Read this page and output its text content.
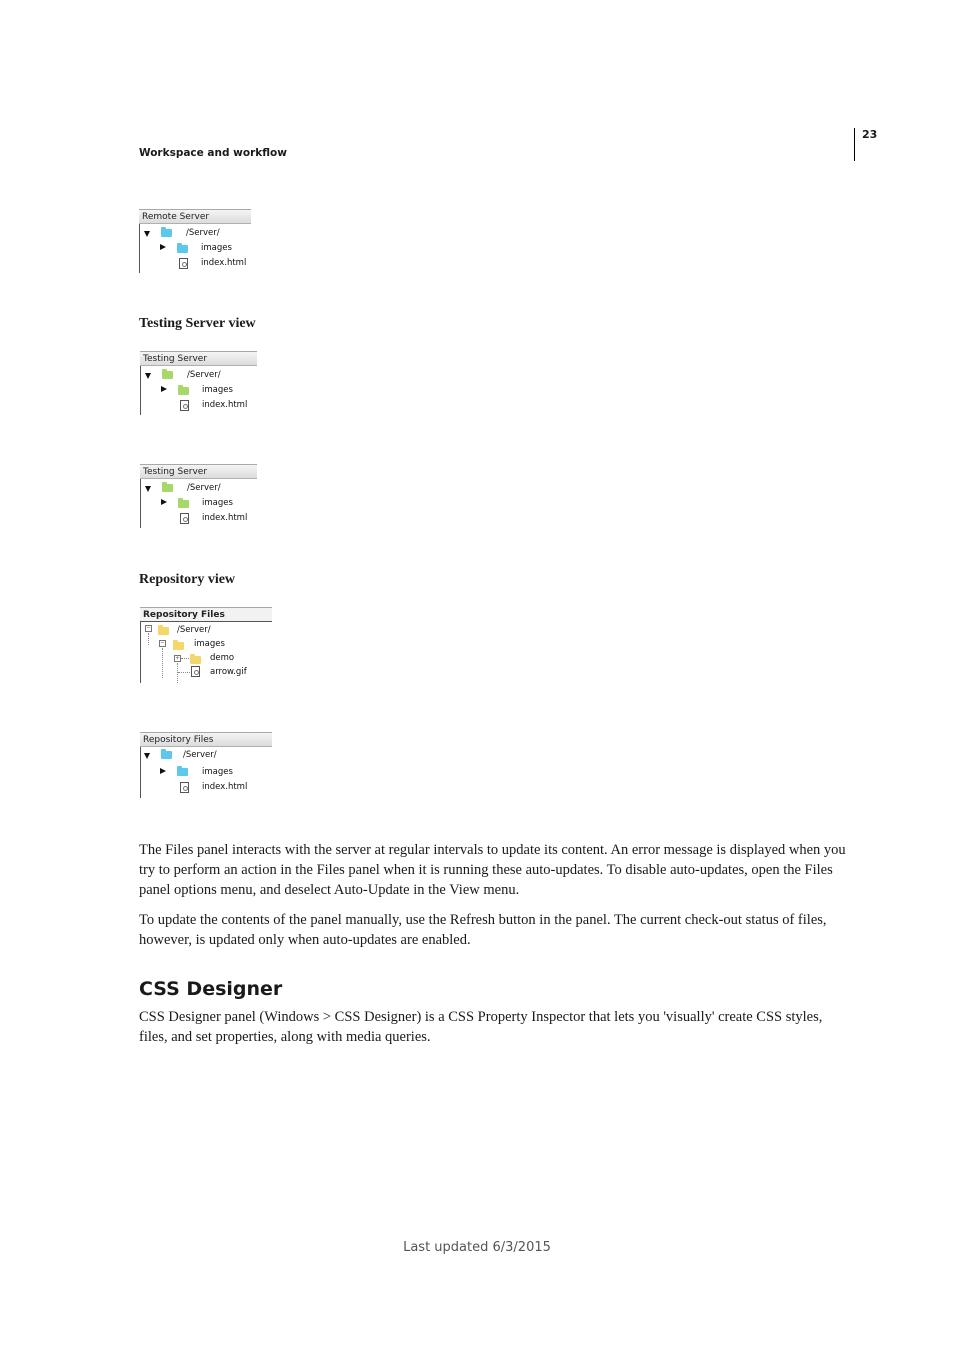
23
Workspace and workflow
Remote Server
/Server/
images
index.html
Testing Server view
Testing Server
/Server/
images
index.html
Testing Server
/Server/
images
index.html
Repository view
Repository Files
−	/Server/
−	images
+	demo
arrow.gif
Repository Files
/Server/
images
index.html

The Files panel interacts with the server at regular intervals to update its content. An error message is displayed when you try to perform an action in the Files panel when it is running these auto-updates. To disable auto-updates, open the Files panel options menu, and deselect Auto-Update in the View menu.

To update the contents of the panel manually, use the Refresh button in the panel. The current check-out status of files, however, is updated only when auto-updates are enabled.

CSS Designer

CSS Designer panel (Windows > CSS Designer) is a CSS Property Inspector that lets you 'visually' create CSS styles, files, and set properties, along with media queries.

Last updated 6/3/2015
